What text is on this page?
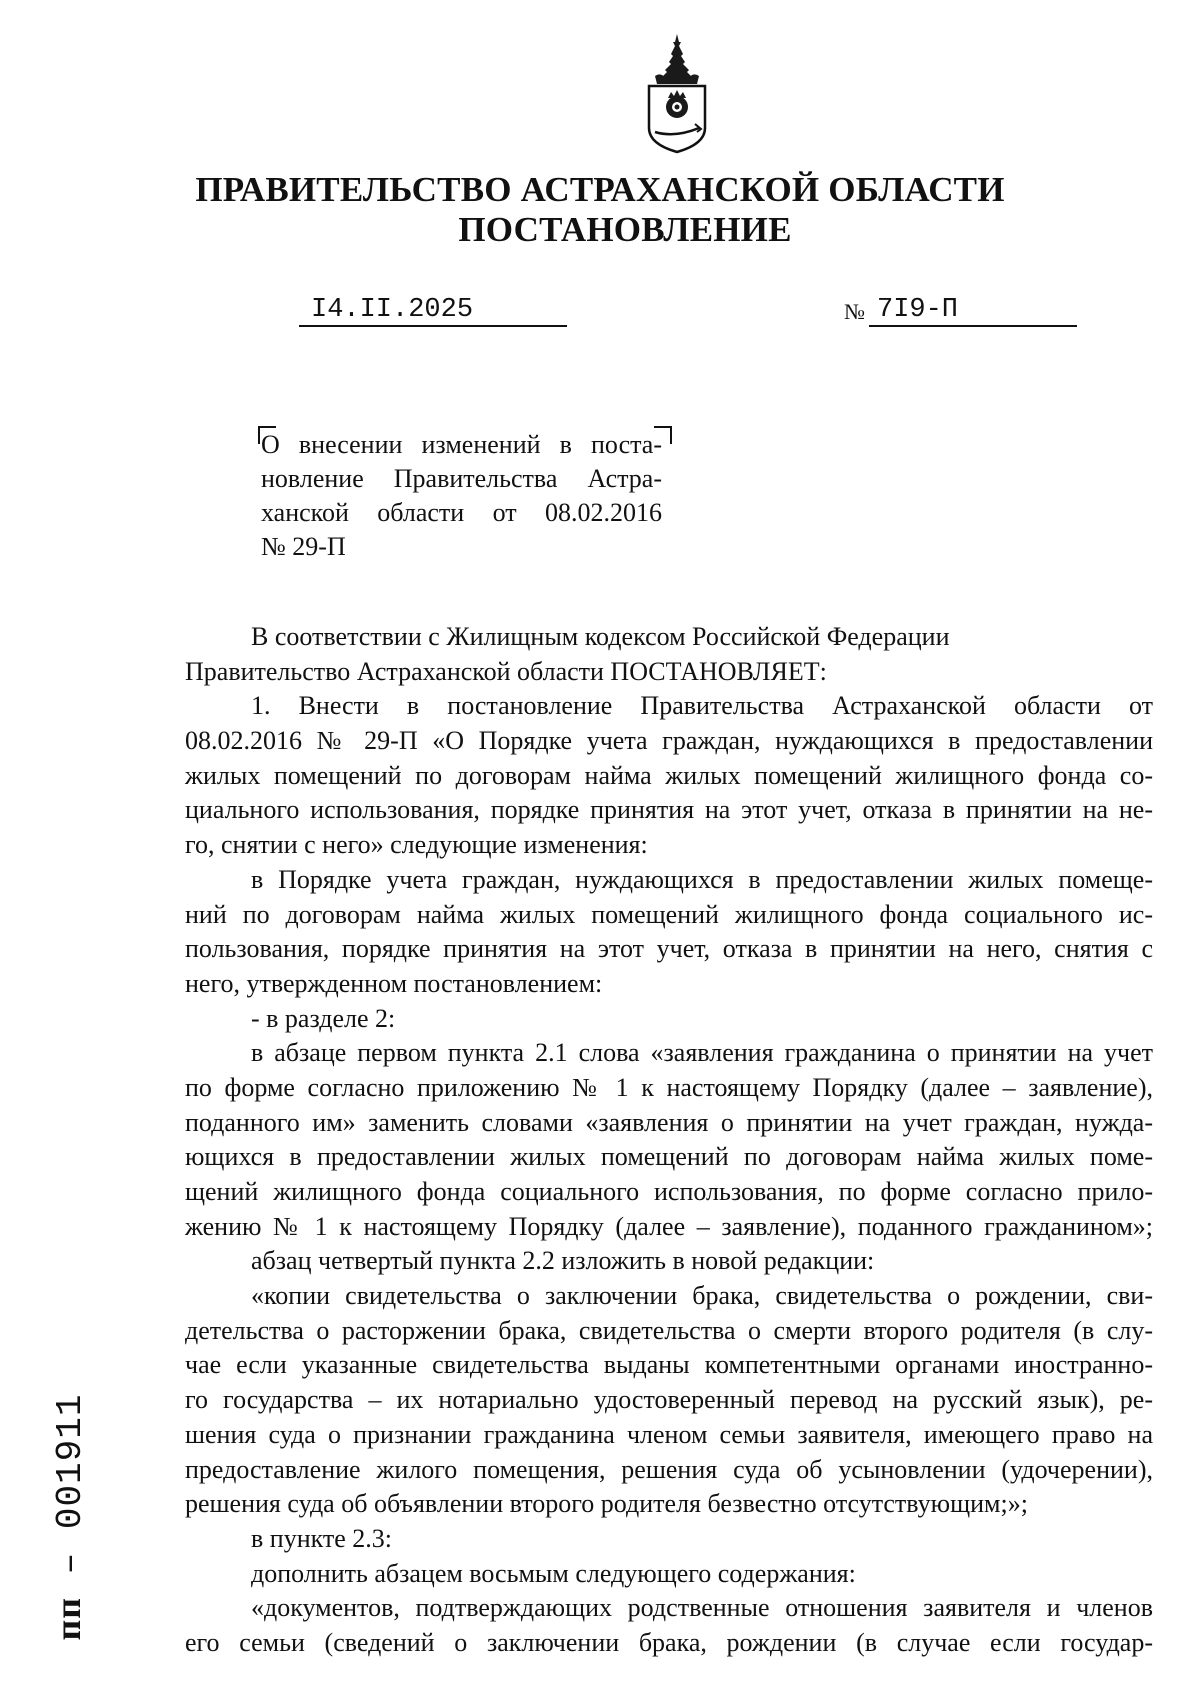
ПРАВИТЕЛЬСТВО АСТРАХАНСКОЙ ОБЛАСТИ
ПОСТАНОВЛЕНИЕ
I4.II.2025	№ 7I9-П
О внесении изменений в поста-
новление Правительства Астра-
ханской области от 08.02.2016
№ 29-П
В соответствии с Жилищным кодексом Российской Федерации
Правительство Астраханской области ПОСТАНОВЛЯЕТ:
1. Внести в постановление Правительства Астраханской области от
08.02.2016 № 29-П «О Порядке учета граждан, нуждающихся в предоставлении
жилых помещений по договорам найма жилых помещений жилищного фонда со-
циального использования, порядке принятия на этот учет, отказа в принятии на не-
го, снятии с него» следующие изменения:
в Порядке учета граждан, нуждающихся в предоставлении жилых помеще-
ний по договорам найма жилых помещений жилищного фонда социального ис-
пользования, порядке принятия на этот учет, отказа в принятии на него, снятия с
него, утвержденном постановлением:
- в разделе 2:
в абзаце первом пункта 2.1 слова «заявления гражданина о принятии на учет
по форме согласно приложению № 1 к настоящему Порядку (далее – заявление),
поданного им» заменить словами «заявления о принятии на учет граждан, нужда-
ющихся в предоставлении жилых помещений по договорам найма жилых поме-
щений жилищного фонда социального использования, по форме согласно прило-
жению № 1 к настоящему Порядку (далее – заявление), поданного гражданином»;
абзац четвертый пункта 2.2 изложить в новой редакции:
«копии свидетельства о заключении брака, свидетельства о рождении, сви-
детельства о расторжении брака, свидетельства о смерти второго родителя (в слу-
чае если указанные свидетельства выданы компетентными органами иностранно-
го государства – их нотариально удостоверенный перевод на русский язык), ре-
шения суда о признании гражданина членом семьи заявителя, имеющего право на
предоставление жилого помещения, решения суда об усыновлении (удочерении),
решения суда об объявлении второго родителя безвестно отсутствующим;»;
в пункте 2.3:
дополнить абзацем восьмым следующего содержания:
«документов, подтверждающих родственные отношения заявителя и членов
его семьи (сведений о заключении брака, рождении (в случае если государ-
пп – 001911
